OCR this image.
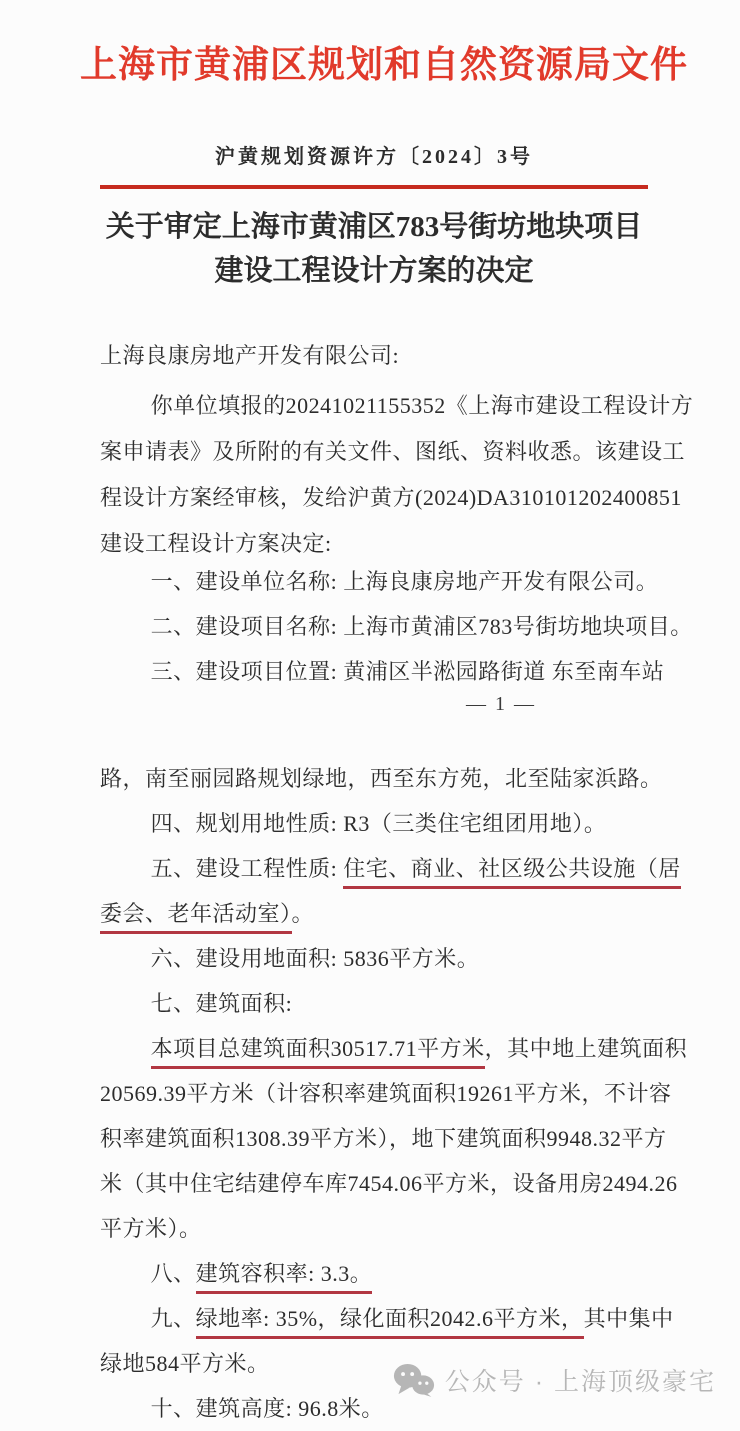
上海市黄浦区规划和自然资源局文件
沪黄规划资源许方〔2024〕3号
关于审定上海市黄浦区783号街坊地块项目
建设工程设计方案的决定
上海良康房地产开发有限公司:
你单位填报的20241021155352《上海市建设工程设计方
案申请表》及所附的有关文件、图纸、资料收悉。该建设工
程设计方案经审核，发给沪黄方(2024)DA310101202400851
建设工程设计方案决定:
一、建设单位名称: 上海良康房地产开发有限公司。
二、建设项目名称: 上海市黄浦区783号街坊地块项目。
三、建设项目位置: 黄浦区半淞园路街道 东至南车站
— 1 —
路，南至丽园路规划绿地，西至东方苑，北至陆家浜路。
四、规划用地性质: R3（三类住宅组团用地）。
五、建设工程性质: 住宅、商业、社区级公共设施（居
委会、老年活动室）。
六、建设用地面积: 5836平方米。
七、建筑面积:
本项目总建筑面积30517.71平方米，其中地上建筑面积
20569.39平方米（计容积率建筑面积19261平方米，不计容
积率建筑面积1308.39平方米），地下建筑面积9948.32平方
米（其中住宅结建停车库7454.06平方米，设备用房2494.26
平方米）。
八、建筑容积率: 3.3。
九、绿地率: 35%，绿化面积2042.6平方米，其中集中
绿地584平方米。
十、建筑高度: 96.8米。
公众号 · 上海顶级豪宅
